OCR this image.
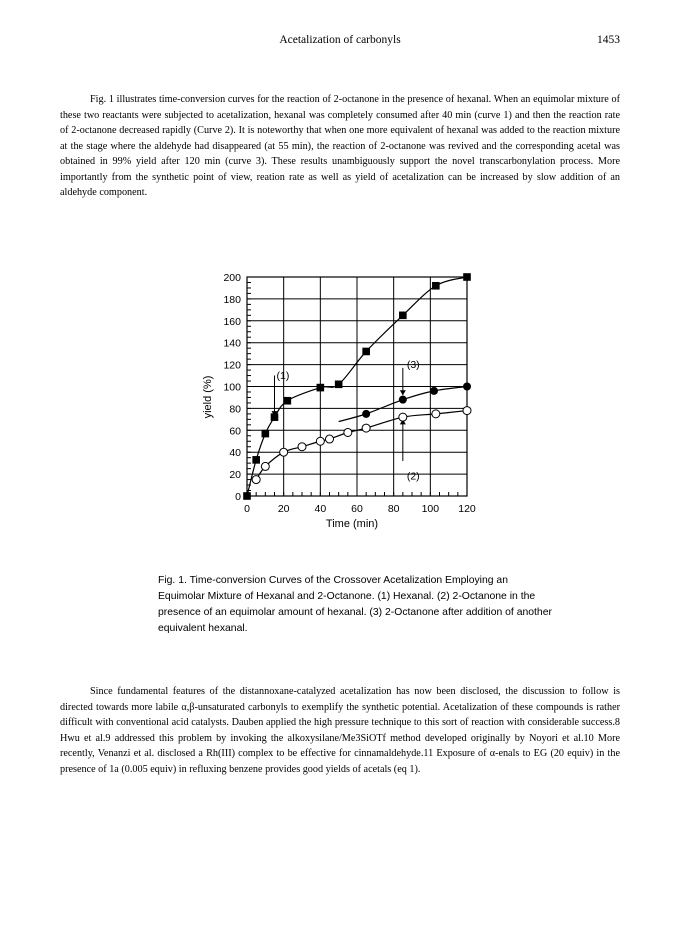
Acetalization of carbonyls	1453

Fig. 1 illustrates time-conversion curves for the reaction of 2-octanone in the presence of hexanal. When an equimolar mixture of these two reactants were subjected to acetalization, hexanal was completely consumed after 40 min (curve 1) and then the reaction rate of 2-octanone decreased rapidly (Curve 2). It is noteworthy that when one more equivalent of hexanal was added to the reaction mixture at the stage where the aldehyde had disappeared (at 55 min), the reaction of 2-octanone was revived and the corresponding acetal was obtained in 99% yield after 120 min (curve 3). These results unambiguously support the novel transcarbonylation process. More importantly from the synthetic point of view, reation rate as well as yield of acetalization can be increased by slow addition of an aldehyde component.

0	20 40 60 80 100 120
0
20
40
60
80
100
120
140
160
180
200
(1)
(2)
(3)
Time (min)
yield (%)
Fig. 1. Time-conversion Curves of the Crossover Acetalization Employing an Equimolar Mixture of Hexanal and 2-Octanone. (1) Hexanal. (2) 2-Octanone in the presence of an equimolar amount of hexanal. (3) 2-Octanone after addition of another equivalent hexanal.

Since fundamental features of the distannoxane-catalyzed acetalization has now been disclosed, the discussion to follow is directed towards more labile α,β-unsaturated carbonyls to exemplify the synthetic potential. Acetalization of these compounds is rather difficult with conventional acid catalysts. Dauben applied the high pressure technique to this sort of reaction with considerable success.8 Hwu et al.9 addressed this problem by invoking the alkoxysilane/Me3SiOTf method developed originally by Noyori et al.10 More recently, Venanzi et al. disclosed a Rh(III) complex to be effective for cinnamaldehyde.11 Exposure of α-enals to EG (20 equiv) in the presence of 1a (0.005 equiv) in refluxing benzene provides good yields of acetals (eq 1).
